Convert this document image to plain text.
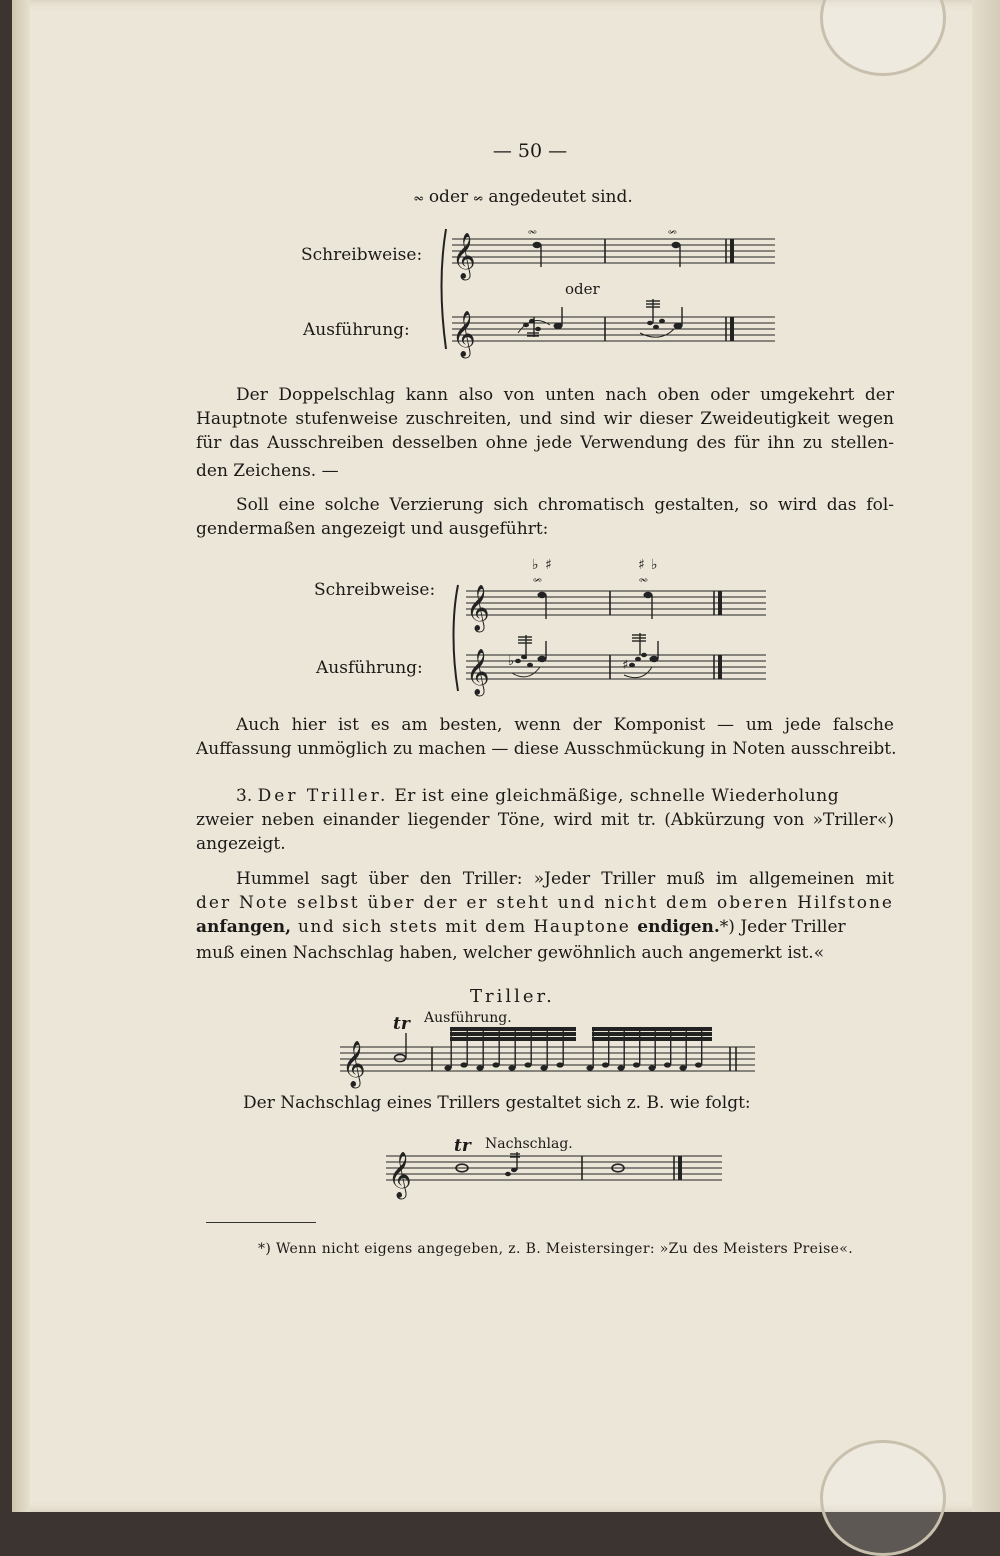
— 50 —
𝆗 oder 𝆘 angedeutet sind.
Schreibweise:
Ausführung:
oder
𝄞
𝄞
𝆗	𝆘
Der Doppelschlag kann also von unten nach oben oder umgekehrt der
Hauptnote stufenweise zuschreiten, und sind wir dieser Zweideutigkeit wegen
für das Ausschreiben desselben ohne jede Verwendung des für ihn zu stellen-
den Zeichens. —
Soll eine solche Verzierung sich chromatisch gestalten, so wird das fol-
gendermaßen angezeigt und ausgeführt:
Schreibweise:
Ausführung:
𝄞
𝄞
♭ ♯
𝆘
♯ ♭
𝆗
♭	♯
Auch hier ist es am besten, wenn der Komponist — um jede falsche
Auffassung unmöglich zu machen — diese Ausschmückung in Noten ausschreibt.
3. Der Triller. Er ist eine gleichmäßige, schnelle Wiederholung
zweier neben einander liegender Töne, wird mit tr. (Abkürzung von »Triller«)
angezeigt.
Hummel sagt über den Triller: »Jeder Triller muß im allgemeinen mit
der Note selbst über der er steht und nicht dem oberen Hilfstone
anfangen, und sich stets mit dem Hauptone endigen.*) Jeder Triller
muß einen Nachschlag haben, welcher gewöhnlich auch angemerkt ist.«
Triller.
Ausführung.
tr
𝄞
Der Nachschlag eines Trillers gestaltet sich z. B. wie folgt:
tr Nachschlag.
𝄞
*) Wenn nicht eigens angegeben, z. B. Meistersinger: »Zu des Meisters Preise«.
